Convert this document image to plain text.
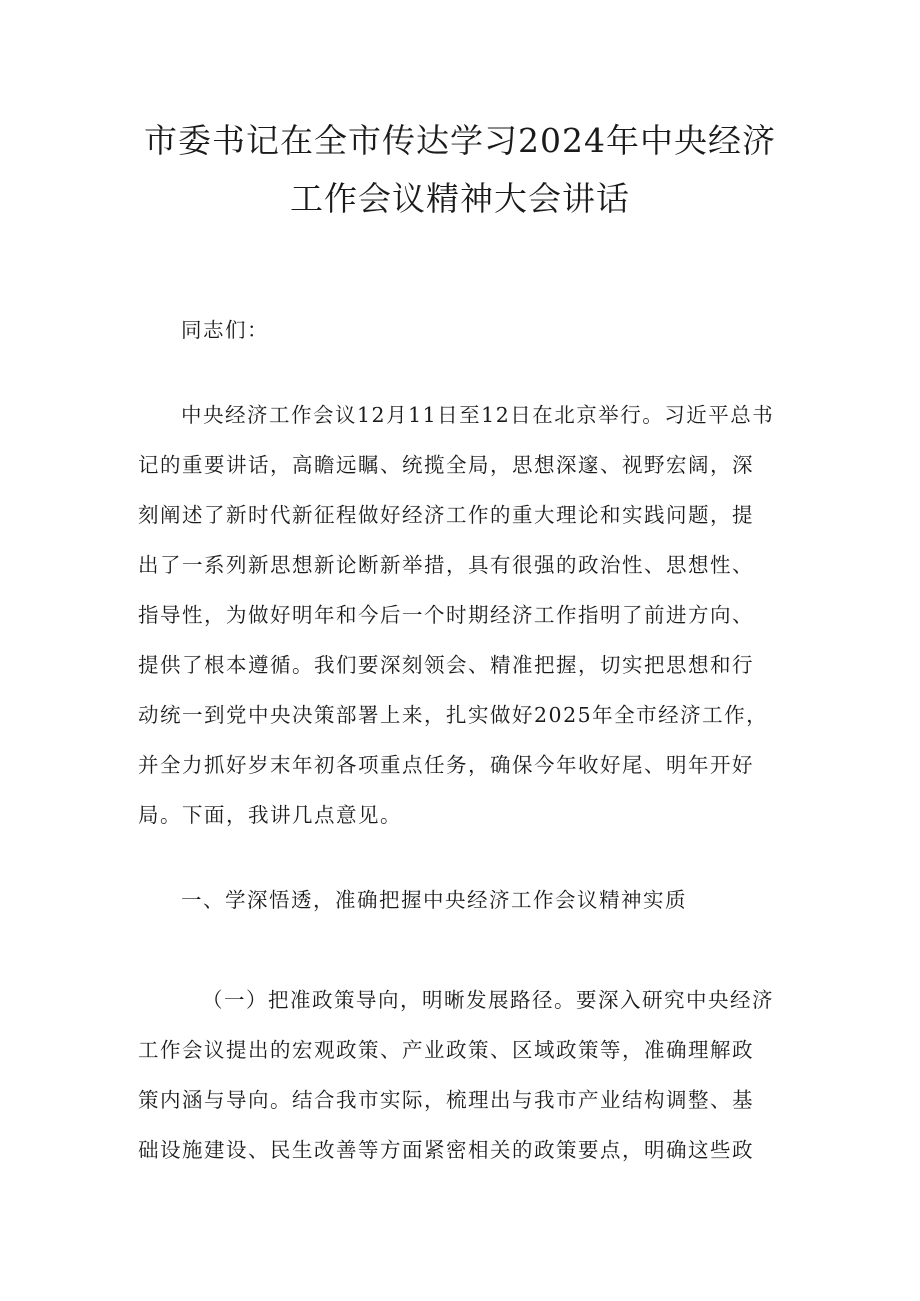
市委书记在全市传达学习2024年中央经济
工作会议精神大会讲话

同志们：

中央经济工作会议12月11日至12日在北京举行。习近平总书
记的重要讲话，高瞻远瞩、统揽全局，思想深邃、视野宏阔，深
刻阐述了新时代新征程做好经济工作的重大理论和实践问题，提
出了一系列新思想新论断新举措，具有很强的政治性、思想性、
指导性，为做好明年和今后一个时期经济工作指明了前进方向、
提供了根本遵循。我们要深刻领会、精准把握，切实把思想和行
动统一到党中央决策部署上来，扎实做好2025年全市经济工作，
并全力抓好岁末年初各项重点任务，确保今年收好尾、明年开好
局。下面，我讲几点意见。

一、学深悟透，准确把握中央经济工作会议精神实质

（一）把准政策导向，明晰发展路径。要深入研究中央经济
工作会议提出的宏观政策、产业政策、区域政策等，准确理解政
策内涵与导向。结合我市实际，梳理出与我市产业结构调整、基
础设施建设、民生改善等方面紧密相关的政策要点，明确这些政
